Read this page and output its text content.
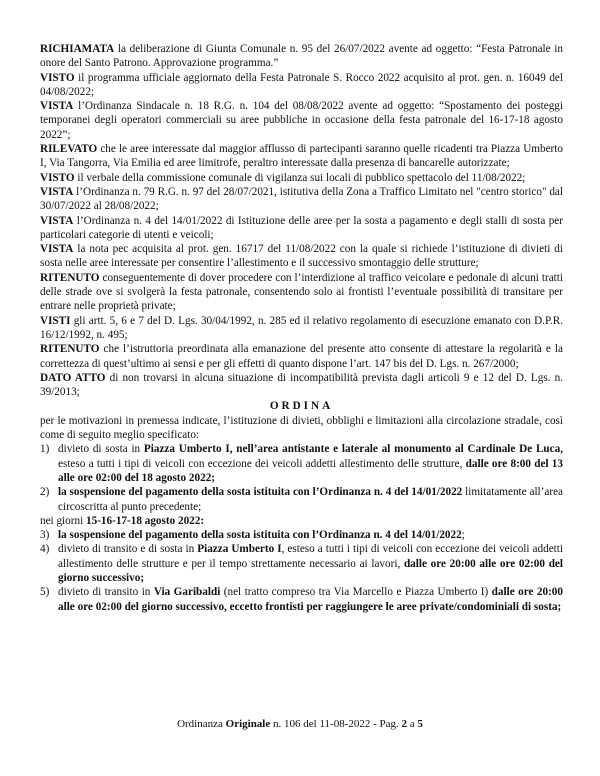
RICHIAMATA la deliberazione di Giunta Comunale n. 95 del 26/07/2022 avente ad oggetto: “Festa Patronale in onore del Santo Patrono. Approvazione programma.”

VISTO il programma ufficiale aggiornato della Festa Patronale S. Rocco 2022 acquisito al prot. gen. n. 16049 del 04/08/2022;

VISTA l’Ordinanza Sindacale n. 18 R.G. n. 104 del 08/08/2022 avente ad oggetto: “Spostamento dei posteggi temporanei degli operatori commerciali su aree pubbliche in occasione della festa patronale del 16-17-18 agosto 2022”;

RILEVATO che le aree interessate dal maggior afflusso di partecipanti saranno quelle ricadenti tra Piazza Umberto I, Via Tangorra, Via Emilia ed aree limitrofe, peraltro interessate dalla presenza di bancarelle autorizzate;

VISTO il verbale della commissione comunale di vigilanza sui locali di pubblico spettacolo del 11/08/2022;

VISTA l’Ordinanza n. 79 R.G. n. 97 del 28/07/2021, istitutiva della Zona a Traffico Limitato nel "centro storico" dal 30/07/2022 al 28/08/2022;

VISTA l’Ordinanza n. 4 del 14/01/2022 di Istituzione delle aree per la sosta a pagamento e degli stalli di sosta per particolari categorie di utenti e veicoli;

VISTA la nota pec acquisita al prot. gen. 16717 del 11/08/2022 con la quale si richiede l’istituzione di divieti di sosta nelle aree interessate per consentire l’allestimento e il successivo smontaggio delle strutture;

RITENUTO conseguentemente di dover procedere con l’interdizione al traffico veicolare e pedonale di alcuni tratti delle strade ove si svolgerà la festa patronale, consentendo solo ai frontisti l’eventuale possibilità di transitare per entrare nelle proprietà private;

VISTI gli artt. 5, 6 e 7 del D. Lgs. 30/04/1992, n. 285 ed il relativo regolamento di esecuzione emanato con D.P.R. 16/12/1992, n. 495;

RITENUTO che l’istruttoria preordinata alla emanazione del presente atto consente di attestare la regolarità e la correttezza di quest’ultimo ai sensi e per gli effetti di quanto dispone l’art. 147 bis del D. Lgs. n. 267/2000;

DATO ATTO di non trovarsi in alcuna situazione di incompatibilità prevista dagli articoli 9 e 12 del D. Lgs. n. 39/2013;

ORDINA

per le motivazioni in premessa indicate, l’istituzione di divieti, obblighi e limitazioni alla circolazione stradale, così come di seguito meglio specificato:

1) divieto di sosta in Piazza Umberto I, nell’area antistante e laterale al monumento al Cardinale De Luca, esteso a tutti i tipi di veicoli con eccezione dei veicoli addetti allestimento delle strutture, dalle ore 8:00 del 13 alle ore 02:00 del 18 agosto 2022;
2) la sospensione del pagamento della sosta istituita con l’Ordinanza n. 4 del 14/01/2022 limitatamente all’area circoscritta al punto precedente;

nei giorni 15-16-17-18 agosto 2022:

3) la sospensione del pagamento della sosta istituita con l’Ordinanza n. 4 del 14/01/2022;
4) divieto di transito e di sosta in Piazza Umberto I, esteso a tutti i tipi di veicoli con eccezione dei veicoli addetti allestimento delle strutture e per il tempo strettamente necessario ai lavori, dalle ore 20:00 alle ore 02:00 del giorno successivo;
5) divieto di transito in Via Garibaldi (nel tratto compreso tra Via Marcello e Piazza Umberto I) dalle ore 20:00 alle ore 02:00 del giorno successivo, eccetto frontisti per raggiungere le aree private/condominiali di sosta;
Ordinanza Originale n. 106 del 11-08-2022 - Pag. 2 a 5
